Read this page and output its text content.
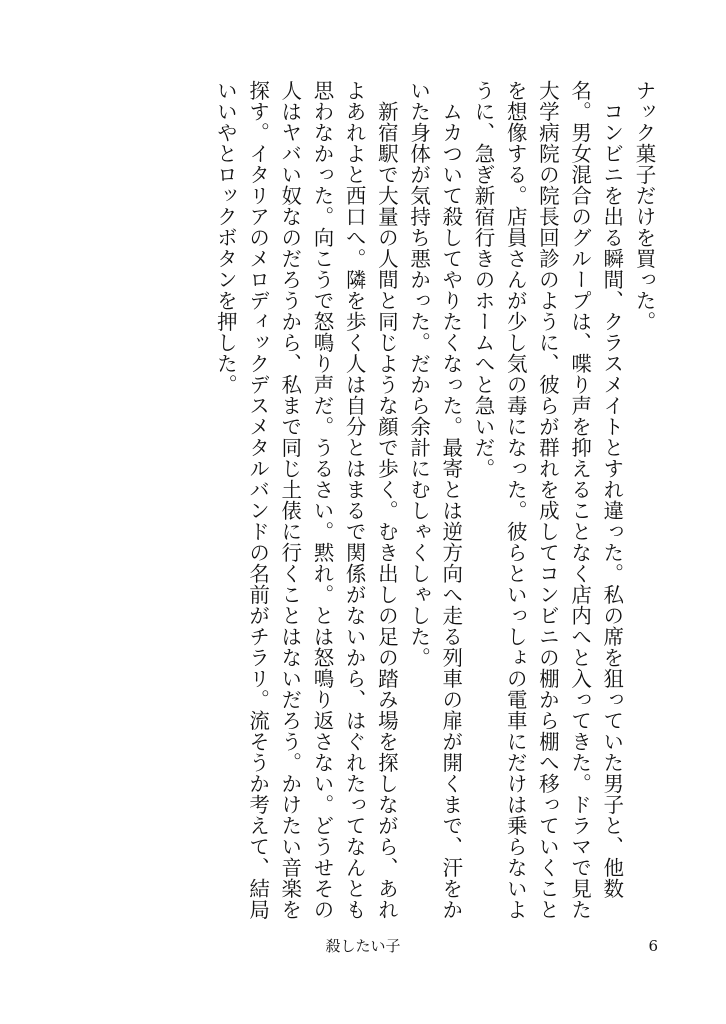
ナック菓子だけを買った。

コンビニを出る瞬間、クラスメイトとすれ違った。私の席を狙っていた男子と、他数名。男女混合のグループは、喋り声を抑えることなく店内へと入ってきた。ドラマで見た大学病院の院長回診のように、彼らが群れを成してコンビニの棚から棚へ移っていくことを想像する。店員さんが少し気の毒になった。彼らといっしょの電車にだけは乗らないように、急ぎ新宿行きのホームへと急いだ。

ムカついて殺してやりたくなった。最寄とは逆方向へ走る列車の扉が開くまで、汗をかいた身体が気持ち悪かった。だから余計にむしゃくしゃした。

新宿駅で大量の人間と同じような顔で歩く。むき出しの足の踏み場を探しながら、あれよあれよと西口へ。隣を歩く人は自分とはまるで関係がないから、はぐれたってなんとも思わなかった。向こうで怒鳴り声だ。うるさい。黙れ。とは怒鳴り返さない。どうせその人はヤバい奴なのだろうから、私まで同じ土俵に行くことはないだろう。かけたい音楽を探す。イタリアのメロディックデスメタルバンドの名前がチラリ。流そうか考えて、結局いいやとロックボタンを押した。

殺したい子	6
